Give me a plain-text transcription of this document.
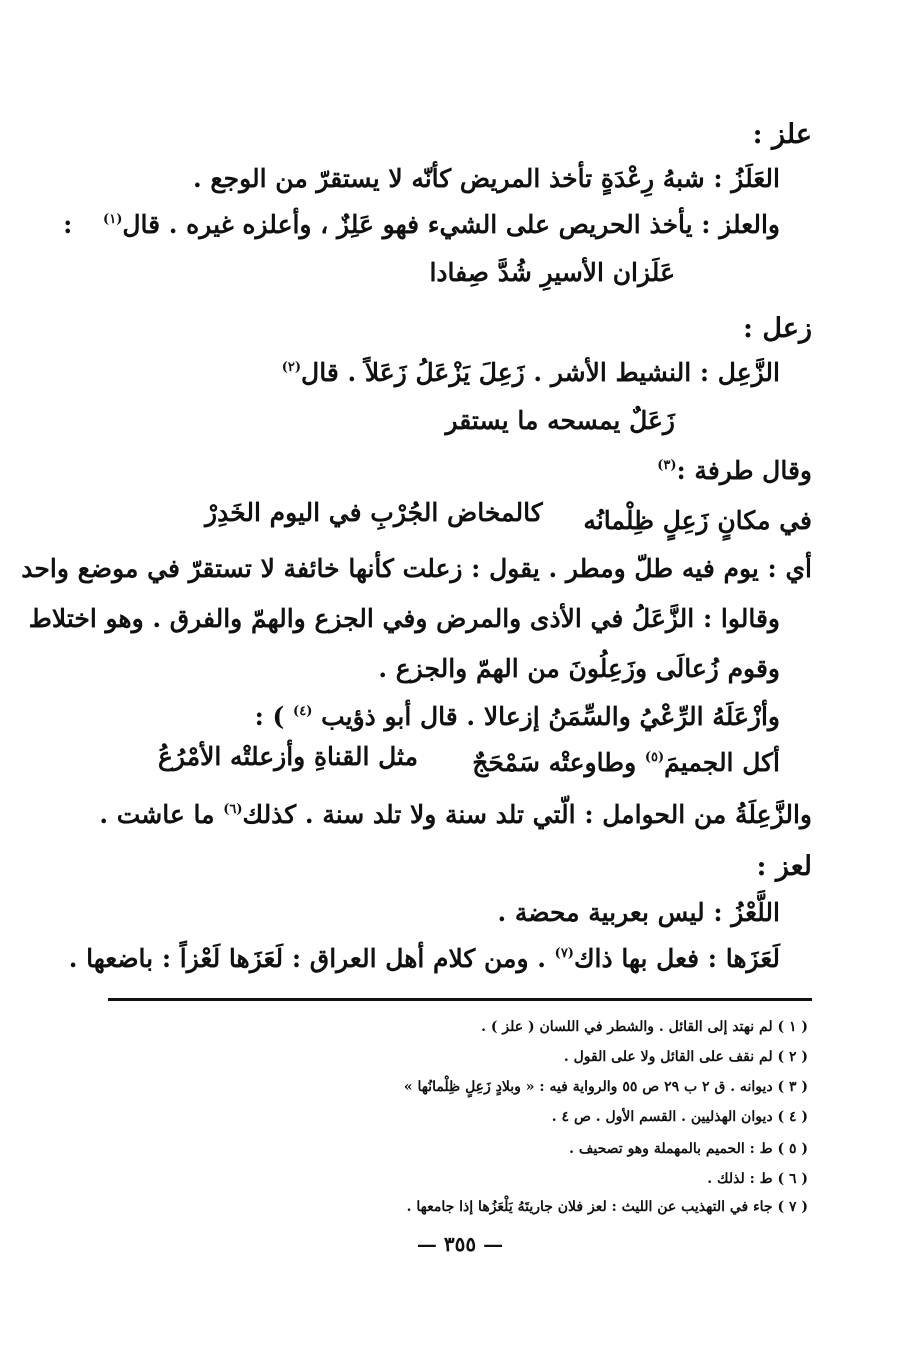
علز :
العَلَزُ : شبهُ رِعْدَةٍ تأخذ المريض كأنّه لا يستقرّ من الوجع .
والعلز : يأخذ الحريص على الشيء فهو عَلِزٌ ، وأعلزه غيره . قال$^{(١)}$ :
عَلَزان الأسيرِ شُدَّ صِفادا
زعل :
الزَّعِل : النشيط الأشر . زَعِلَ يَزْعَلُ زَعَلاً . قال$^{(٢)}$
زَعَلٌ يمسحه ما يستقر
وقال طرفة :$^{(٣)}$
في مكانٍ زَعِلٍ ظِلْمانُه
كالمخاض الجُرْبِ في اليوم الخَدِرْ
أي : يوم فيه طلّ ومطر . يقول : زعلت كأنها خائفة لا تستقرّ في موضع واحد
وقالوا : الزَّعَلُ في الأذى والمرض وفي الجزع والهمّ والفرق . وهو اختلاط
وقوم زُعالَى وزَعِلُونَ من الهمّ والجزع .
وأزْعَلَهُ الرِّعْيُ والسِّمَنُ إزعالا . قال أبو ذؤيب $^{(٤)}$ ) :
أكل الجميمَ$^{(٥)}$ وطاوعتْه سَمْحَجٌ
مثل القناةِ وأزعلتْه الأمْرُعُ
والزَّعِلَةُ من الحوامل : الّتي تلد سنة ولا تلد سنة . كذلك$^{(٦)}$ ما عاشت .
لعز :
اللَّعْزُ : ليس بعربية محضة .
لَعَزَها : فعل بها ذاك$^{(٧)}$ . ومن كلام أهل العراق : لَعَزَها لَعْزاً : باضعها .
( ١ ) لم نهتد إلى القائل . والشطر في اللسان ( علز ) .
( ٢ ) لم نقف على القائل ولا على القول .
( ٣ ) ديوانه . ق ٢ ب ٢٩ ص ٥٥ والرواية فيه : « وبلادٍ زَعِلٍ ظِلْمانُها »
( ٤ ) ديوان الهذليين . القسم الأول . ص ٤ .
( ٥ ) ط : الحميم بالمهملة وهو تصحيف .
( ٦ ) ط : لذلك .
( ٧ ) جاء في التهذيب عن الليث : لعز فلان جاريتَهُ يَلْعَزُها إذا جامعها .
— ٣٥٥ —
